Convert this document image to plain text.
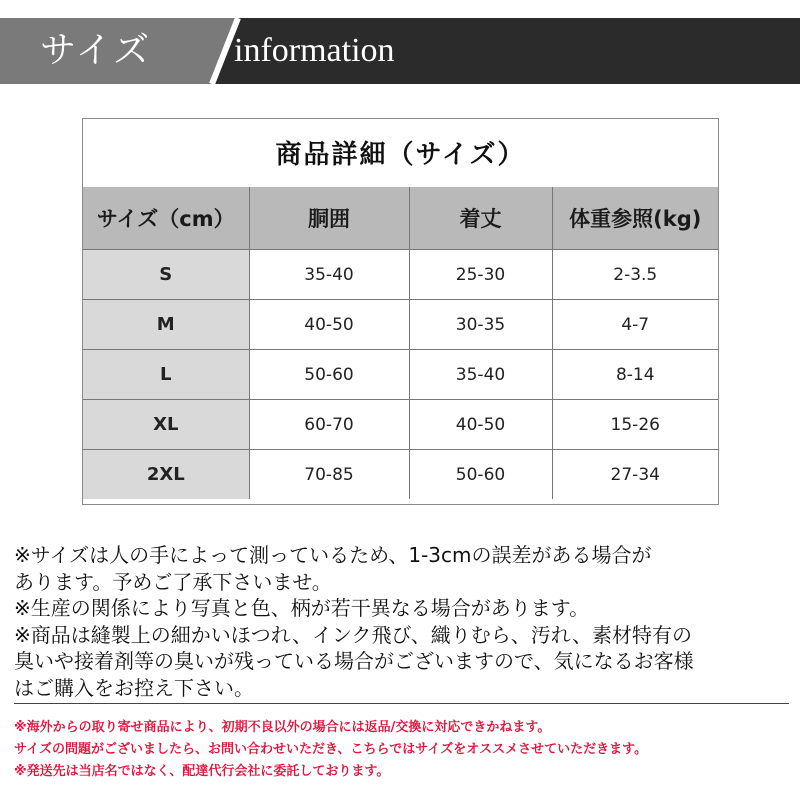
サイズ information
商品詳細（サイズ）
サイズ（cm）	胴囲	着丈	体重参照(kg)
S	35-40	25-30	2-3.5
M	40-50	30-35	4-7
L	50-60	35-40	8-14
XL	60-70	40-50	15-26
2XL	70-85	50-60	27-34
※サイズは人の手によって測っているため、1-3cmの誤差がある場合が
あります。予めご了承下さいませ。
※生産の関係により写真と色、柄が若干異なる場合があります。
※商品は縫製上の細かいほつれ、インク飛び、織りむら、汚れ、素材特有の
臭いや接着剤等の臭いが残っている場合がございますので、気になるお客様
はご購入をお控え下さい。
※海外からの取り寄せ商品により、初期不良以外の場合には返品/交換に対応できかねます。
サイズの問題がございましたら、お問い合わせいただき、こちらではサイズをオススメさせていただきます。
※発送先は当店名ではなく、配達代行会社に委託しております。
